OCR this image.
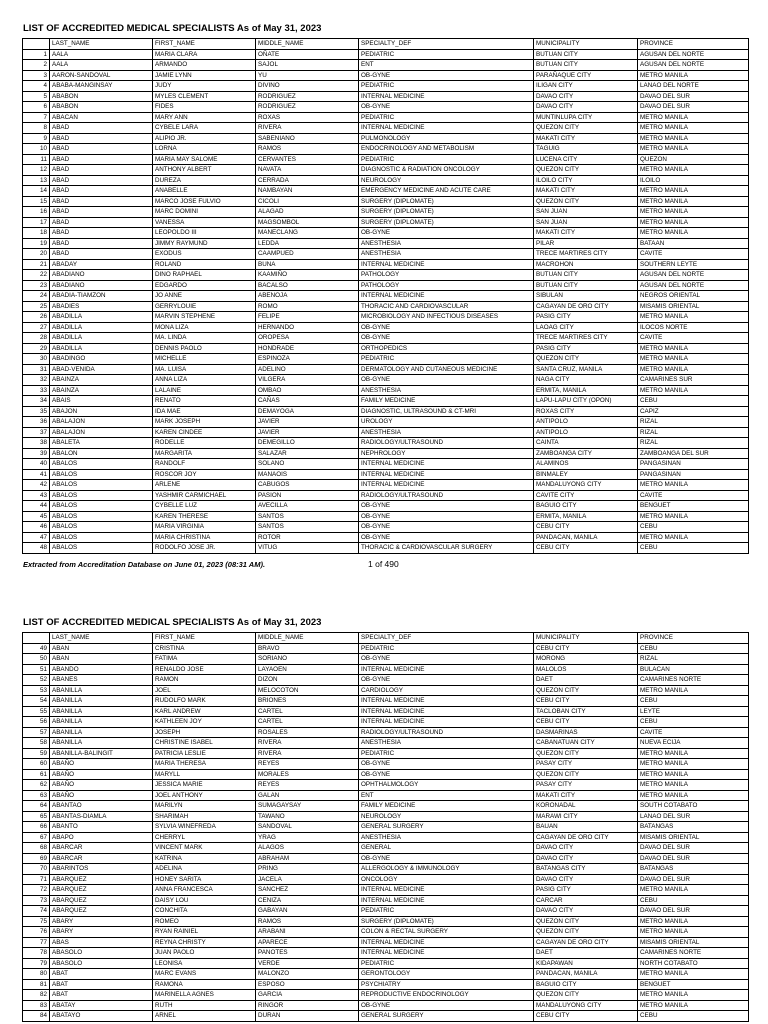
LIST OF ACCREDITED MEDICAL SPECIALISTS As of May 31, 2023
	LAST_NAME	FIRST_NAME	MIDDLE_NAME	SPECIALTY_DEF	MUNICIPALITY	PROVINCE
1	AALA	MARIA CLARA	OÑATE	PEDIATRIC	BUTUAN CITY	AGUSAN DEL NORTE
2	AALA	ARMANDO	SAJOL	ENT	BUTUAN CITY	AGUSAN DEL NORTE
3	AARON-SANDOVAL	JAMIE LYNN	YU	OB-GYNE	PARAÑAQUE CITY	METRO MANILA
4	ABABA-MANGINSAY	JUDY	DIVINO	PEDIATRIC	ILIGAN CITY	LANAO DEL NORTE
5	ABABON	MYLES CLEMENT	RODRIGUEZ	INTERNAL MEDICINE	DAVAO CITY	DAVAO DEL SUR
6	ABABON	FIDES	RODRIGUEZ	OB-GYNE	DAVAO CITY	DAVAO DEL SUR
7	ABACAN	MARY ANN	ROXAS	PEDIATRIC	MUNTINLUPA CITY	METRO MANILA
8	ABAD	CYBELE LARA	RIVERA	INTERNAL MEDICINE	QUEZON CITY	METRO MANILA
9	ABAD	ALIPIO JR.	SABENIANO	PULMONOLOGY	MAKATI CITY	METRO MANILA
10	ABAD	LORNA	RAMOS	ENDOCRINOLOGY AND METABOLISM	TAGUIG	METRO MANILA
11	ABAD	MARIA MAY SALOME	CERVANTES	PEDIATRIC	LUCENA CITY	QUEZON
12	ABAD	ANTHONY ALBERT	NAVATA	DIAGNOSTIC & RADIATION ONCOLOGY	QUEZON CITY	METRO MANILA
13	ABAD	DUREZA	CERRADA	NEUROLOGY	ILOILO CITY	ILOILO
14	ABAD	ANABELLE	NAMBAYAN	EMERGENCY MEDICINE AND ACUTE CARE	MAKATI CITY	METRO MANILA
15	ABAD	MARCO JOSE FULVIO	CICOLI	SURGERY (DIPLOMATE)	QUEZON CITY	METRO MANILA
16	ABAD	MARC DOMINI	ALAGAD	SURGERY (DIPLOMATE)	SAN JUAN	METRO MANILA
17	ABAD	VANESSA	MAGSOMBOL	SURGERY (DIPLOMATE)	SAN JUAN	METRO MANILA
18	ABAD	LEOPOLDO III	MANECLANG	OB-GYNE	MAKATI CITY	METRO MANILA
19	ABAD	JIMMY RAYMUND	LEDDA	ANESTHESIA	PILAR	BATAAN
20	ABAD	EXODUS	CAAMPUED	ANESTHESIA	TRECE MARTIRES CITY	CAVITE
21	ABADAY	ROLAND	BUNA	INTERNAL MEDICINE	MACROHON	SOUTHERN LEYTE
22	ABADIANO	DINO RAPHAEL	KAAMIÑO	PATHOLOGY	BUTUAN CITY	AGUSAN DEL NORTE
23	ABADIANO	EDGARDO	BACALSO	PATHOLOGY	BUTUAN CITY	AGUSAN DEL NORTE
24	ABADIA-TIAMZON	JO ANNE	ABENOJA	INTERNAL MEDICINE	SIBULAN	NEGROS ORIENTAL
25	ABADIES	GERRYLOUIE	ROMO	THORACIC AND CARDIOVASCULAR	CAGAYAN DE ORO CITY	MISAMIS ORIENTAL
26	ABADILLA	MARVIN STEPHENE	FELIPE	MICROBIOLOGY AND INFECTIOUS DISEASES	PASIG CITY	METRO MANILA
27	ABADILLA	MONA LIZA	HERNANDO	OB-GYNE	LAOAG CITY	ILOCOS NORTE
28	ABADILLA	MA. LINDA	OROPESA	OB-GYNE	TRECE MARTIRES CITY	CAVITE
29	ABADILLA	DENNIS PAOLO	HONDRADE	ORTHOPEDICS	PASIG CITY	METRO MANILA
30	ABADINGO	MICHELLE	ESPINOZA	PEDIATRIC	QUEZON CITY	METRO MANILA
31	ABAD-VENIDA	MA. LUISA	ADELINO	DERMATOLOGY AND CUTANEOUS MEDICINE	SANTA CRUZ, MANILA	METRO MANILA
32	ABAINZA	ANNA LIZA	VILGERA	OB-GYNE	NAGA CITY	CAMARINES SUR
33	ABAINZA	LALAINE	OMBAO	ANESTHESIA	ERMITA, MANILA	METRO MANILA
34	ABAIS	RENATO	CAÑAS	FAMILY MEDICINE	LAPU-LAPU CITY (OPON)	CEBU
35	ABAJON	IDA MAE	DEMAYOGA	DIAGNOSTIC, ULTRASOUND & CT-MRI	ROXAS CITY	CAPIZ
36	ABALAJON	MARK JOSEPH	JAVIER	UROLOGY	ANTIPOLO	RIZAL
37	ABALAJON	KAREN CINDEE	JAVIER	ANESTHESIA	ANTIPOLO	RIZAL
38	ABALETA	RODELLE	DEMEGILLO	RADIOLOGY/ULTRASOUND	CAINTA	RIZAL
39	ABALON	MARGARITA	SALAZAR	NEPHROLOGY	ZAMBOANGA CITY	ZAMBOANGA DEL SUR
40	ABALOS	RANDOLF	SOLANO	INTERNAL MEDICINE	ALAMINOS	PANGASINAN
41	ABALOS	ROSCOR JOY	MANAOIS	INTERNAL MEDICINE	BINMALEY	PANGASINAN
42	ABALOS	ARLENE	CABUGOS	INTERNAL MEDICINE	MANDALUYONG CITY	METRO MANILA
43	ABALOS	YASHMIR CARMICHAEL	PASION	RADIOLOGY/ULTRASOUND	CAVITE CITY	CAVITE
44	ABALOS	CYBELLE LUZ	AVECILLA	OB-GYNE	BAGUIO CITY	BENGUET
45	ABALOS	KAREN THERESE	SANTOS	OB-GYNE	ERMITA, MANILA	METRO MANILA
46	ABALOS	MARIA VIRGINIA	SANTOS	OB-GYNE	CEBU CITY	CEBU
47	ABALOS	MARIA CHRISTINA	ROTOR	OB-GYNE	PANDACAN, MANILA	METRO MANILA
48	ABALOS	RODOLFO JOSE JR.	VITUG	THORACIC & CARDIOVASCULAR SURGERY	CEBU CITY	CEBU
Extracted from Accreditation Database on June 01, 2023 (08:31 AM).	1 of 490
LIST OF ACCREDITED MEDICAL SPECIALISTS As of May 31, 2023
	LAST_NAME	FIRST_NAME	MIDDLE_NAME	SPECIALTY_DEF	MUNICIPALITY	PROVINCE
49	ABAN	CRISTINA	BRAVO	PEDIATRIC	CEBU CITY	CEBU
50	ABAN	FATIMA	SORIANO	OB-GYNE	MORONG	RIZAL
51	ABANDO	RENALDO JOSE	LAYAOEN	INTERNAL MEDICINE	MALOLOS	BULACAN
52	ABANES	RAMON	DIZON	OB-GYNE	DAET	CAMARINES NORTE
53	ABANILLA	JOEL	MELOCOTON	CARDIOLOGY	QUEZON CITY	METRO MANILA
54	ABANILLA	RUDOLFO MARK	BRIONES	INTERNAL MEDICINE	CEBU CITY	CEBU
55	ABANILLA	KARL ANDREW	CARTEL	INTERNAL MEDICINE	TACLOBAN CITY	LEYTE
56	ABANILLA	KATHLEEN JOY	CARTEL	INTERNAL MEDICINE	CEBU CITY	CEBU
57	ABANILLA	JOSEPH	ROSALES	RADIOLOGY/ULTRASOUND	DASMARINAS	CAVITE
58	ABANILLA	CHRISTINE ISABEL	RIVERA	ANESTHESIA	CABANATUAN CITY	NUEVA ECIJA
59	ABANILLA-BALINGIT	PATRICIA LESLIE	RIVERA	PEDIATRIC	QUEZON CITY	METRO MANILA
60	ABAÑO	MARIA THERESA	REYES	OB-GYNE	PASAY CITY	METRO MANILA
61	ABAÑO	MARYLL	MORALES	OB-GYNE	QUEZON CITY	METRO MANILA
62	ABAÑO	JESSICA MARIE	REYES	OPHTHALMOLOGY	PASAY CITY	METRO MANILA
63	ABAÑO	JOEL ANTHONY	GALAN	ENT	MAKATI CITY	METRO MANILA
64	ABANTAO	MARILYN	SUMAGAYSAY	FAMILY MEDICINE	KORONADAL	SOUTH COTABATO
65	ABANTAS-DIAMLA	SHARIMAH	TAWANO	NEUROLOGY	MARAWI CITY	LANAO DEL SUR
66	ABANTO	SYLVIA WINEFREDA	SANDOVAL	GENERAL SURGERY	BAUAN	BATANGAS
67	ABAPO	CHERRYL	YRAG	ANESTHESIA	CAGAYAN DE ORO CITY	MISAMIS ORIENTAL
68	ABARCAR	VINCENT MARK	ALAGOS	GENERAL	DAVAO CITY	DAVAO DEL SUR
69	ABARCAR	KATRINA	ABRAHAM	OB-GYNE	DAVAO CITY	DAVAO DEL SUR
70	ABARINTOS	ADELINA	PRING	ALLERGOLOGY & IMMUNOLOGY	BATANGAS CITY	BATANGAS
71	ABARQUEZ	HONEY SARITA	JACELA	ONCOLOGY	DAVAO CITY	DAVAO DEL SUR
72	ABARQUEZ	ANNA FRANCESCA	SANCHEZ	INTERNAL MEDICINE	PASIG CITY	METRO MANILA
73	ABARQUEZ	DAISY LOU	CENIZA	INTERNAL MEDICINE	CARCAR	CEBU
74	ABARQUEZ	CONCHITA	GABAYAN	PEDIATRIC	DAVAO CITY	DAVAO DEL SUR
75	ABARY	ROMEO	RAMOS	SURGERY (DIPLOMATE)	QUEZON CITY	METRO MANILA
76	ABARY	RYAN RAINIEL	ARABANI	COLON & RECTAL SURGERY	QUEZON CITY	METRO MANILA
77	ABAS	REYNA CHRISTY	APARECE	INTERNAL MEDICINE	CAGAYAN DE ORO CITY	MISAMIS ORIENTAL
78	ABASOLO	JUAN PAOLO	PANOTES	INTERNAL MEDICINE	DAET	CAMARINES NORTE
79	ABASOLO	LEONISA	VERDE	PEDIATRIC	KIDAPAWAN	NORTH COTABATO
80	ABAT	MARC EVANS	MALONZO	GERONTOLOGY	PANDACAN, MANILA	METRO MANILA
81	ABAT	RAMONA	ESPOSO	PSYCHIATRY	BAGUIO CITY	BENGUET
82	ABAT	MARINELLA AGNES	GARCIA	REPRODUCTIVE ENDOCRINOLOGY	QUEZON CITY	METRO MANILA
83	ABATAY	RUTH	RINGOR	OB-GYNE	MANDALUYONG CITY	METRO MANILA
84	ABATAYO	ARNEL	DURAN	GENERAL SURGERY	CEBU CITY	CEBU
